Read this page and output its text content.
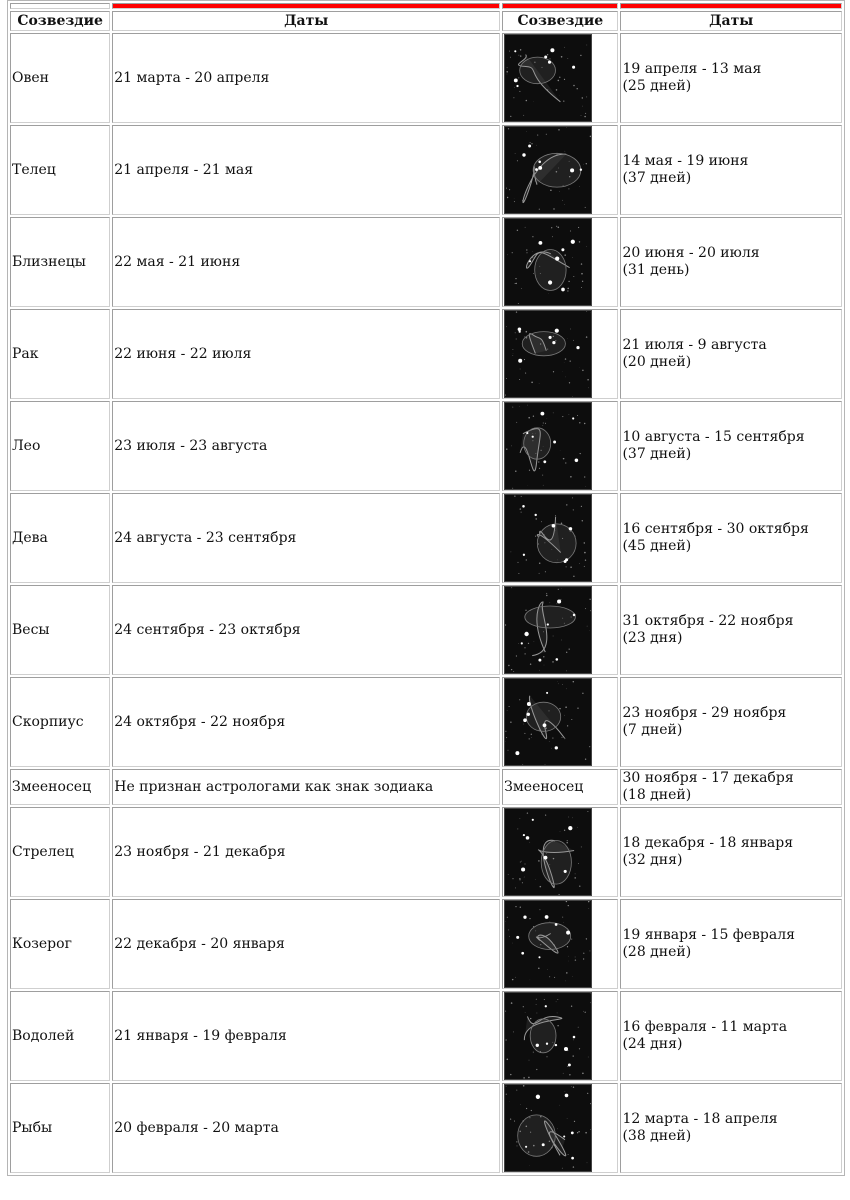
Созвездие	Даты	Созвездие	Даты
Овен	21 марта - 20 апреля		19 апреля - 13 мая
(25 дней)

Телец	21 апреля - 21 мая		14 мая - 19 июня
(37 дней)

Близнецы	22 мая - 21 июня		20 июня - 20 июля
(31 день)

Рак	22 июня - 22 июля		21 июля - 9 августа
(20 дней)

Лео	23 июля - 23 августа		10 августа - 15 сентября
(37 дней)

Дева	24 августа - 23 сентября		16 сентября - 30 октября
(45 дней)

Весы	24 сентября - 23 октября		31 октября - 22 ноября
(23 дня)

Скорпиус	24 октября - 22 ноября		23 ноября - 29 ноября
(7 дней)

Змееносец	Не признан астрологами как знак зодиака	Змееносец	30 ноября - 17 декабря
(18 дней)

Стрелец	23 ноября - 21 декабря		18 декабря - 18 января
(32 дня)

Козерог	22 декабря - 20 января		19 января - 15 февраля
(28 дней)

Водолей	21 января - 19 февраля		16 февраля - 11 марта
(24 дня)

Рыбы	20 февраля - 20 марта		12 марта - 18 апреля
(38 дней)
